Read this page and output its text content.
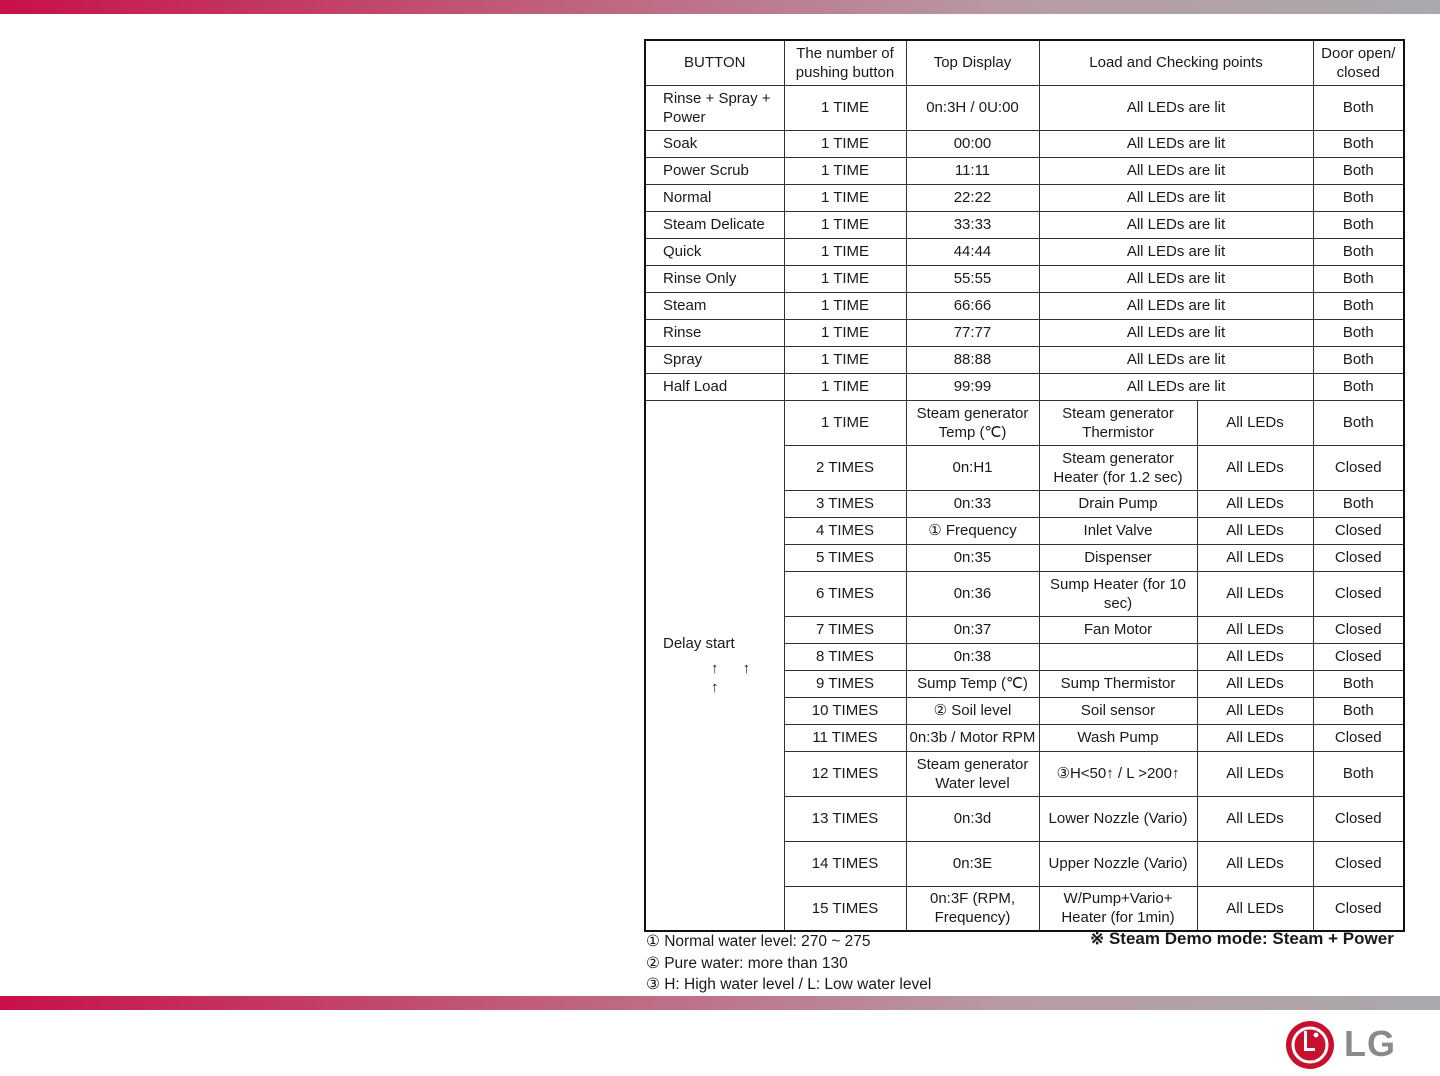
BUTTON	The number of pushing button	Top Display	Load and Checking points		Door open/ closed
Rinse + Spray + Power	1 TIME	0n:3H / 0U:00	All LEDs are lit		Both
Soak	1 TIME	00:00	All LEDs are lit		Both
Power Scrub	1 TIME	11:11	All LEDs are lit		Both
Normal	1 TIME	22:22	All LEDs are lit		Both
Steam Delicate	1 TIME	33:33	All LEDs are lit		Both
Quick	1 TIME	44:44	All LEDs are lit		Both
Rinse Only	1 TIME	55:55	All LEDs are lit		Both
Steam	1 TIME	66:66	All LEDs are lit		Both
Rinse	1 TIME	77:77	All LEDs are lit		Both
Spray	1 TIME	88:88	All LEDs are lit		Both
Half Load	1 TIME	99:99	All LEDs are lit		Both
Delay start
↑ ↑ ↑	1 TIME	Steam generator Temp (℃)	Steam generator Thermistor	All LEDs	Both
	2 TIMES	0n:H1	Steam generator Heater (for 1.2 sec)	All LEDs	Closed
	3 TIMES	0n:33	Drain Pump	All LEDs	Both
	4 TIMES	① Frequency	Inlet Valve	All LEDs	Closed
	5 TIMES	0n:35	Dispenser	All LEDs	Closed
	6 TIMES	0n:36	Sump Heater (for 10 sec)	All LEDs	Closed
	7 TIMES	0n:37	Fan Motor	All LEDs	Closed
	8 TIMES	0n:38		All LEDs	Closed
	9 TIMES	Sump Temp (℃)	Sump Thermistor	All LEDs	Both
	10 TIMES	② Soil level	Soil sensor	All LEDs	Both
	11 TIMES	0n:3b / Motor RPM	Wash Pump	All LEDs	Closed
	12 TIMES	Steam generator Water level	③H<50↑ / L >200↑	All LEDs	Both
	13 TIMES	0n:3d	Lower Nozzle (Vario)	All LEDs	Closed
	14 TIMES	0n:3E	Upper Nozzle (Vario)	All LEDs	Closed
	15 TIMES	0n:3F (RPM, Frequency)	W/Pump+Vario+ Heater (for 1min)	All LEDs	Closed
① Normal water level: 270 ~ 275
② Pure water: more than 130
③ H: High water level / L: Low water level
※ Steam Demo mode: Steam + Power
LG
